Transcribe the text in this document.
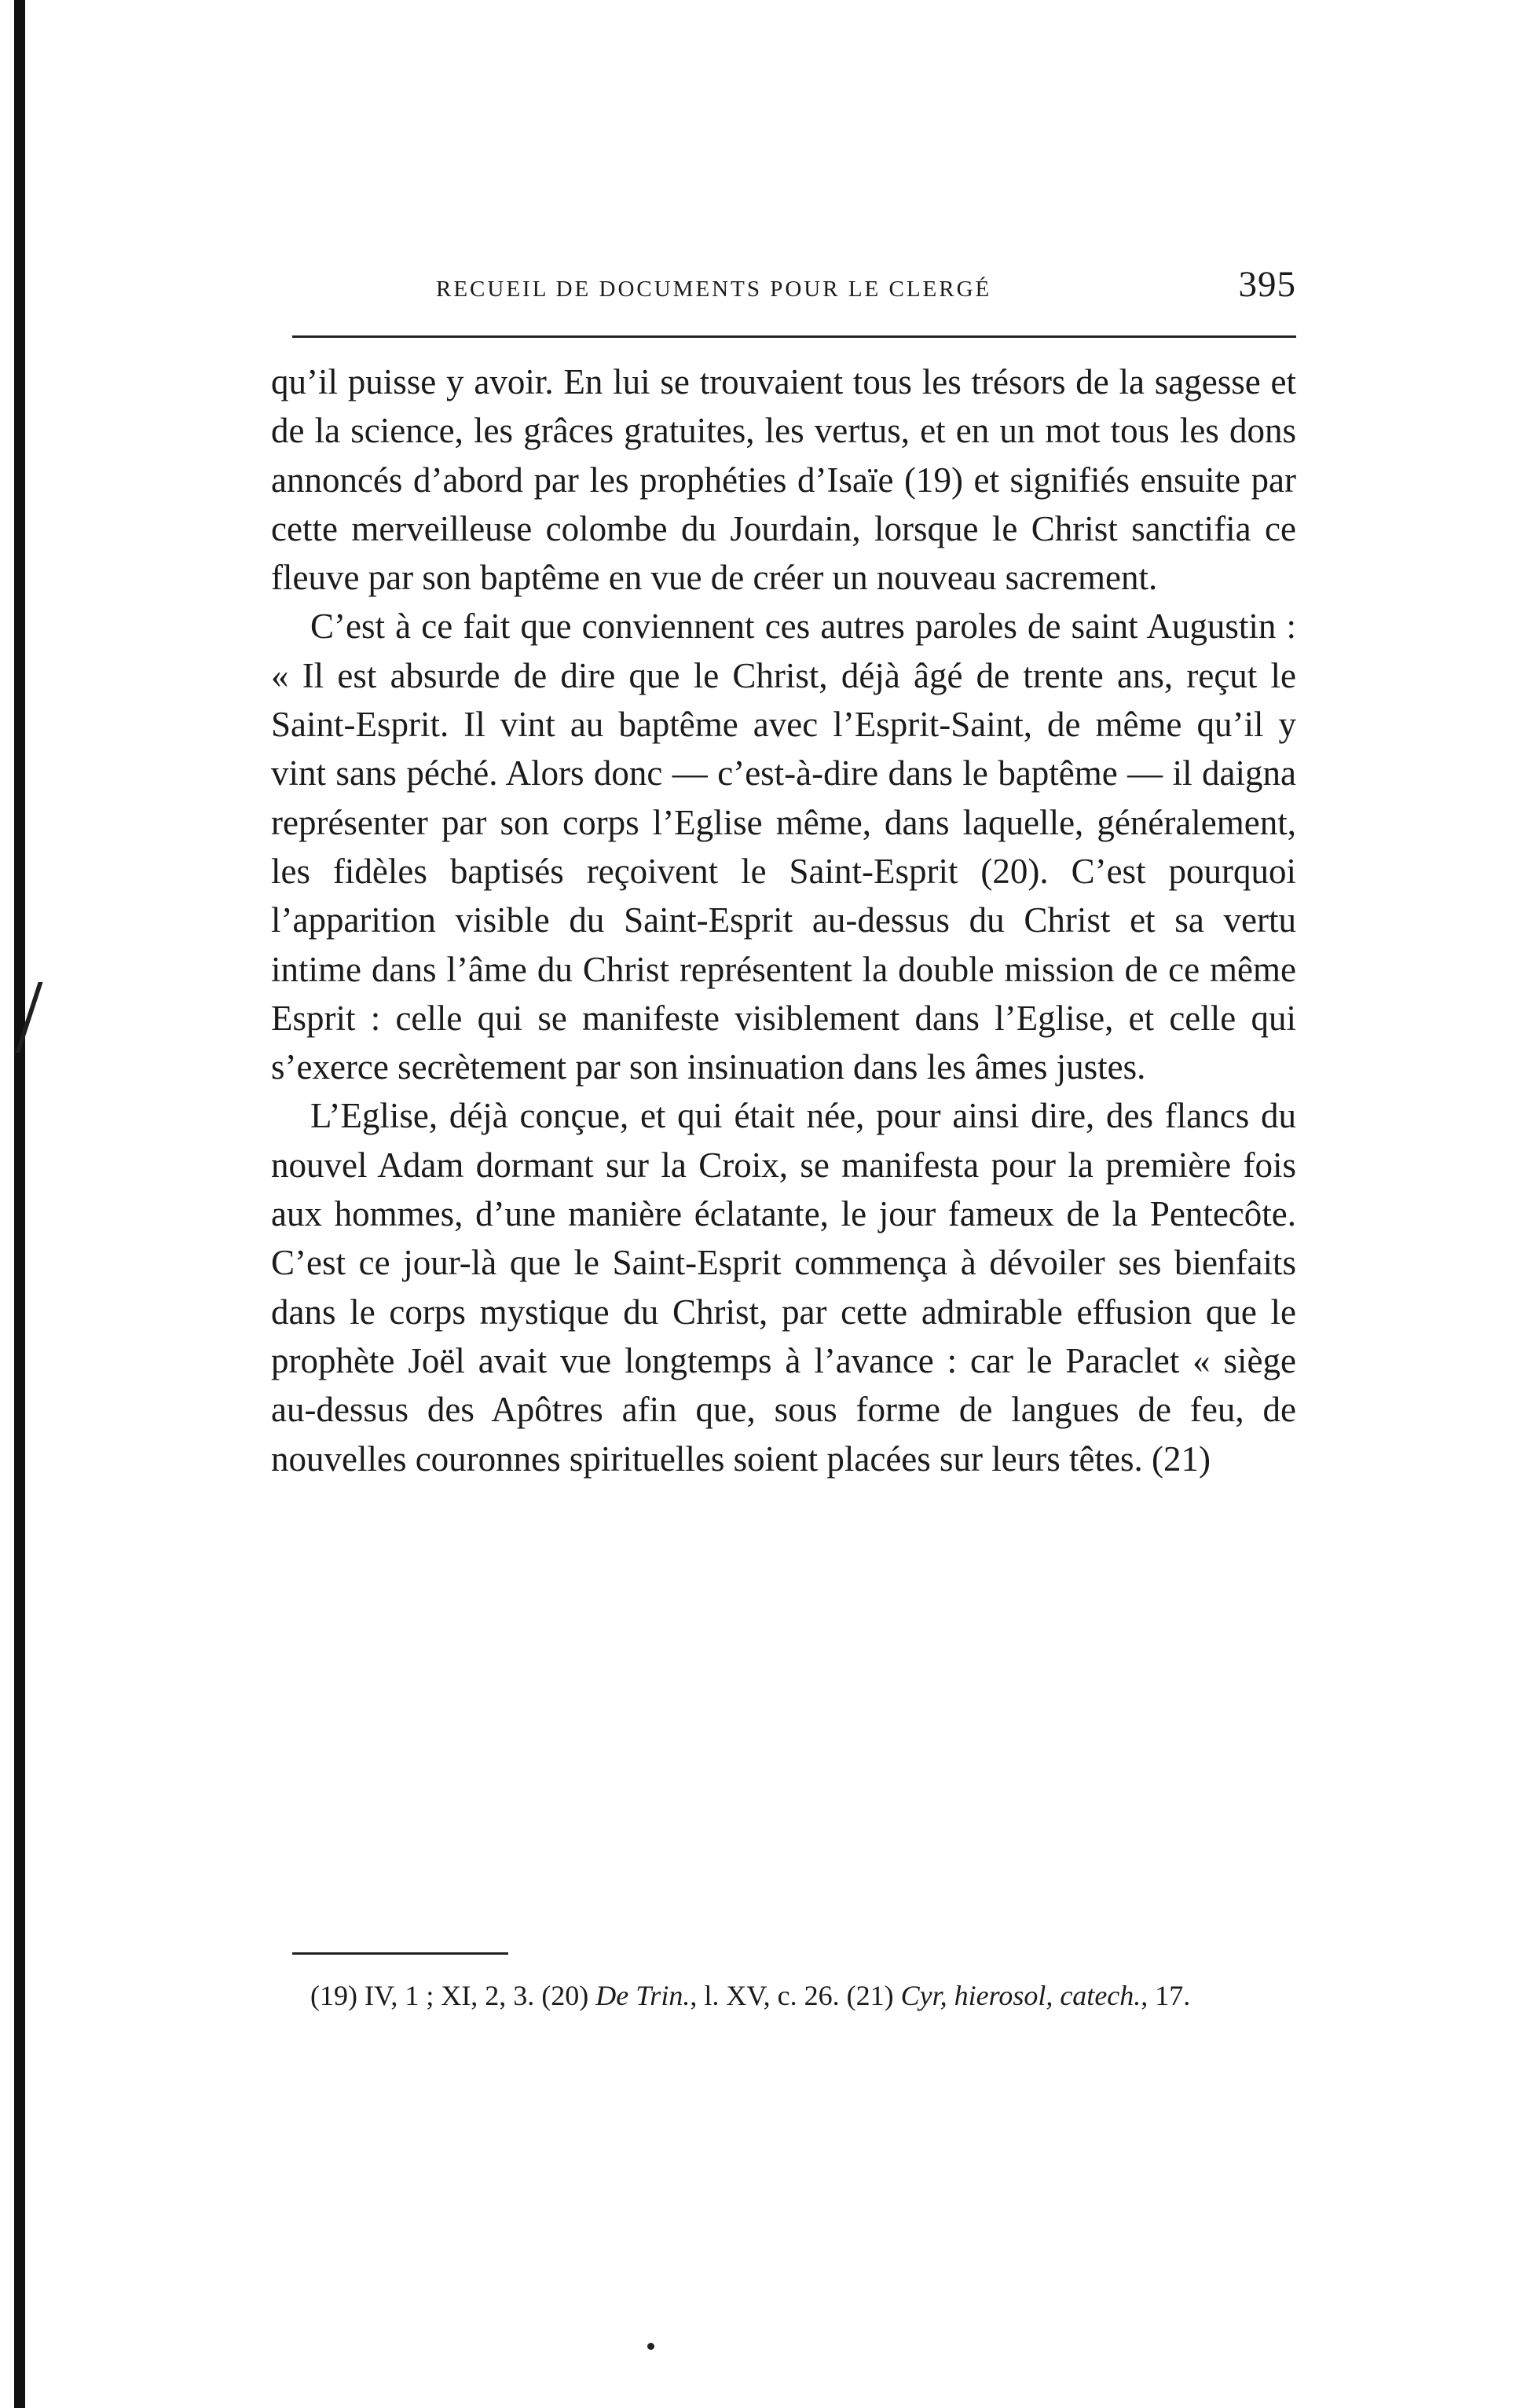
RECUEIL DE DOCUMENTS POUR LE CLERGÉ	395

qu’il puisse y avoir. En lui se trouvaient tous les trésors de la sagesse et de la science, les grâces gratuites, les vertus, et en un mot tous les dons annoncés d’abord par les prophéties d’Isaïe (19) et signifiés ensuite par cette merveilleuse colombe du Jourdain, lorsque le Christ sanctifia ce fleuve par son baptême en vue de créer un nouveau sacrement.

C’est à ce fait que conviennent ces autres paroles de saint Augustin : « Il est absurde de dire que le Christ, déjà âgé de trente ans, reçut le Saint-Esprit. Il vint au baptême avec l’Esprit-Saint, de même qu’il y vint sans péché. Alors donc — c’est-à-dire dans le baptême — il daigna représenter par son corps l’Eglise même, dans laquelle, généralement, les fidèles baptisés reçoivent le Saint-Esprit (20). C’est pourquoi l’apparition visible du Saint-Esprit au-dessus du Christ et sa vertu intime dans l’âme du Christ représentent la double mission de ce même Esprit : celle qui se manifeste visiblement dans l’Eglise, et celle qui s’exerce secrètement par son insinuation dans les âmes justes.

L’Eglise, déjà conçue, et qui était née, pour ainsi dire, des flancs du nouvel Adam dormant sur la Croix, se manifesta pour la première fois aux hommes, d’une manière éclatante, le jour fameux de la Pentecôte. C’est ce jour-là que le Saint-Esprit commença à dévoiler ses bienfaits dans le corps mystique du Christ, par cette admirable effusion que le prophète Joël avait vue longtemps à l’avance : car le Paraclet « siège au-dessus des Apôtres afin que, sous forme de langues de feu, de nouvelles couronnes spirituelles soient placées sur leurs têtes. (21)

(19) IV, 1 ; XI, 2, 3. (20) De Trin., l. XV, c. 26. (21) Cyr, hierosol, catech., 17.
